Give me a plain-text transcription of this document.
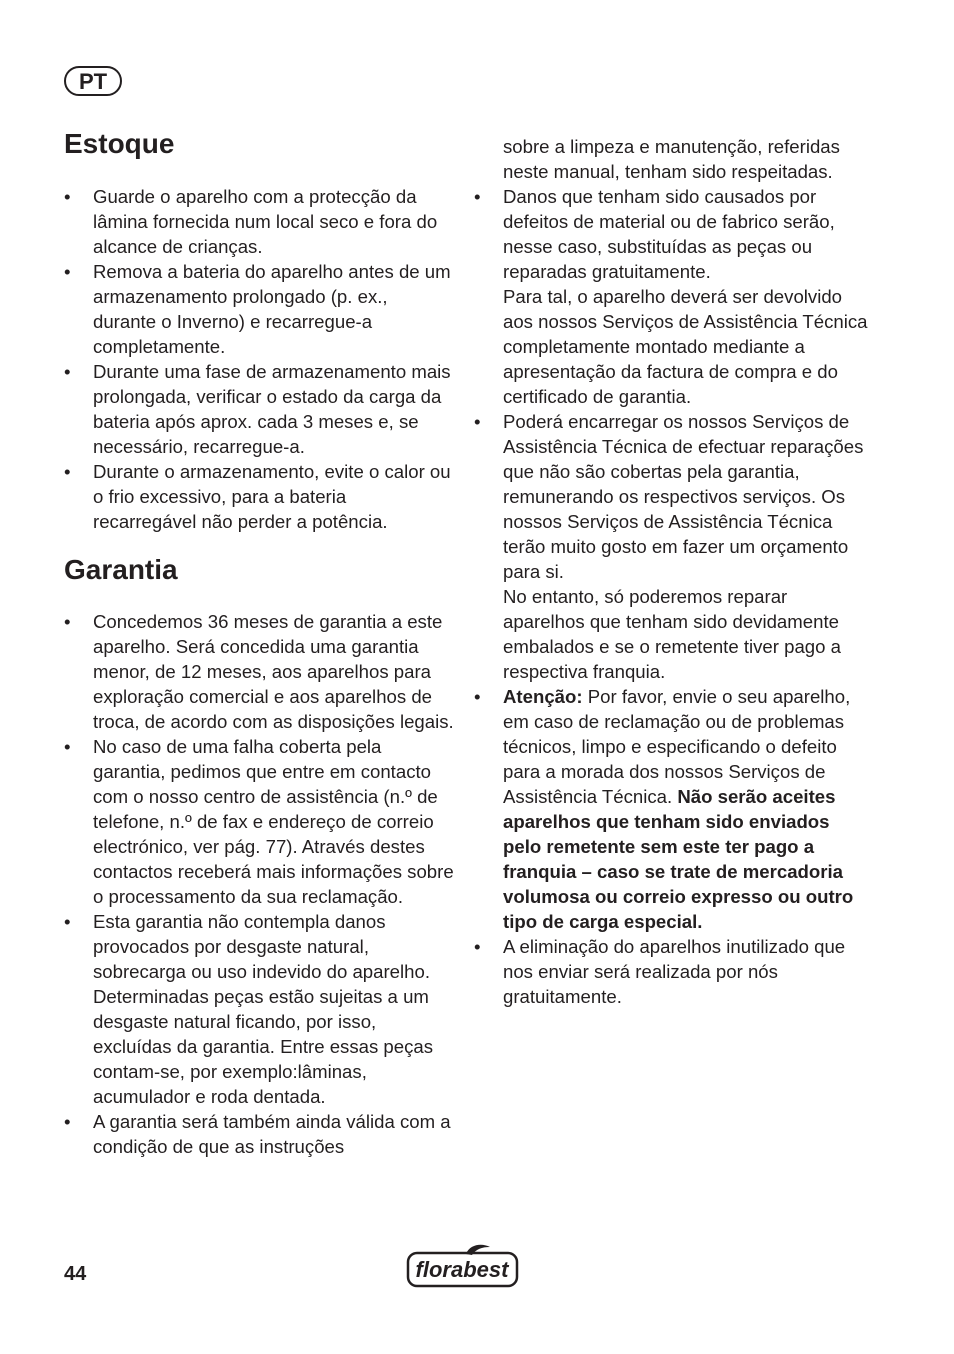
PT
Estoque
• Guarde o aparelho com a protecção da lâmina fornecida num local seco e fora do alcance de crianças.
• Remova a bateria do aparelho antes de um armazenamento prolongado (p. ex., durante o Inverno) e recarregue-a completamente.
• Durante uma fase de armazenamento mais prolongada, verificar o estado da carga da bateria após aprox. cada 3 meses e, se necessário, recarregue-a.
• Durante o armazenamento, evite o calor ou o frio excessivo, para a bateria recarregável não perder a potência.
Garantia
• Concedemos 36 meses de garantia a este aparelho. Será concedida uma garantia menor, de 12 meses, aos aparelhos para exploração comercial e aos aparelhos de troca, de acordo com as disposições legais.
• No caso de uma falha coberta pela garantia, pedimos que entre em contacto com o nosso centro de assistência (n.º de telefone, n.º de fax e endereço de correio electrónico, ver pág. 77). Através destes contactos receberá mais informações sobre o processamento da sua reclamação.
• Esta garantia não contempla danos provocados por desgaste natural, sobrecarga ou uso indevido do aparelho. Determinadas peças estão sujeitas a um desgaste natural ficando, por isso, excluídas da garantia. Entre essas peças contam-se, por exemplo:lâminas, acumulador e roda dentada.
• A garantia será também ainda válida com a condição de que as instruções

sobre a limpeza e manutenção, referidas neste manual, tenham sido respeitadas.

• Danos que tenham sido causados por defeitos de material ou de fabrico serão, nesse caso, substituídas as peças ou reparadas gratuitamente.
Para tal, o aparelho deverá ser devolvido aos nossos Serviços de Assistência Técnica completamente montado mediante a apresentação da factura de compra e do certificado de garantia.
• Poderá encarregar os nossos Serviços de Assistência Técnica de efectuar reparações que não são cobertas pela garantia, remunerando os respectivos serviços. Os nossos Serviços de Assistência Técnica terão muito gosto em fazer um orçamento para si.
No entanto, só poderemos reparar aparelhos que tenham sido devidamente embalados e se o remetente tiver pago a respectiva franquia.
• Atenção: Por favor, envie o seu aparelho, em caso de reclamação ou de problemas técnicos, limpo e especificando o defeito para a morada dos nossos Serviços de Assistência Técnica. Não serão aceites aparelhos que tenham sido enviados pelo remetente sem este ter pago a franquia – caso se trate de mercadoria volumosa ou correio expresso ou outro tipo de carga especial.
• A eliminação do aparelhos inutilizado que nos enviar será realizada por nós gratuitamente.
44	florabest
